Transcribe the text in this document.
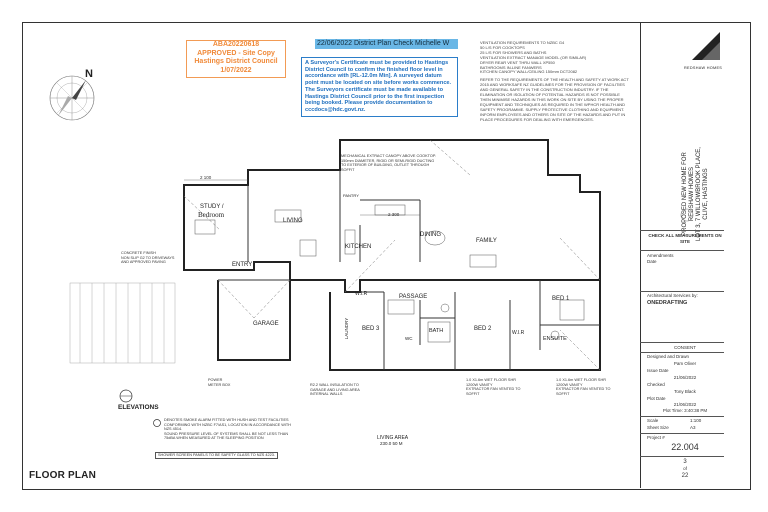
ABA20220618
APPROVED - Site Copy
Hastings District Council
1/07/2022
22/06/2022 District Plan Check Michelle W
A Surveyor's Certificate must be provided to Hastings District Council to confirm the finished floor level in accordance with [RL-12.0m Min]. A surveyed datum point must be located on site before works commence. The Surveyors certificate must be made available to Hastings District Council prior to the first inspection being booked. Please provide documentation to cccdocs@hdc.govt.nz.

VENTILATION REQUIREMENTS TO NZBC G4
50 L/S FOR COOKTOPS
25 L/S FOR SHOWERS AND BATHS
VENTILATION EXTRACT MANAGE MODEL (OR SIMILAR)
DRYER REAR VENT THRU WALL XP550
BATHROOMS IN-LINE FANWERS
KITCHEN CANOPY WALL/CEILING 150mm DCT2082

REFER TO THE REQUIREMENTS OF THE HEALTH AND SAFETY AT WORK ACT 2015 AND WORKSAFE NZ GUIDELINES FOR THE PROVISION OF FACILITIES AND GENERAL SAFETY IN THE CONSTRUCTION INDUSTRY. IF THE ELIMINATION OR ISOLATION OF POTENTIAL HAZARDS IS NOT POSSIBLE THEN MINIMISE HAZARDS IN THIS WORK ON SITE BY USING THE PROPER EQUIPMENT AND TECHNIQUES AS REQUIRED IN THE WPHCR HEALTH AND SAFETY PROGRAMME. SUPPLY PROTECTIVE CLOTHING AND EQUIPMENT. INFORM EMPLOYEES AND OTHERS ON SITE OF THE HAZARDS AND PUT IN PLACE PROCEDURES FOR DEALING WITH EMERGENCIES.

N
STUDY /
Bedroom
LIVING
PANTRY
KITCHEN
DINING
FAMILY
ENTRY
GARAGE
W.I.R	PASSAGE
BED 3	BATH	BED 2
W.I.R
BED 1
ENSUITE
LAUNDRY	WC
2 100
2 300
MECHANICAL EXTRACT CANOPY ABOVE COOKTOP. 150mm DIAMETER, RIGID OR SEMI-RIGID DUCTING TO EXTERIOR OF BUILDING, OUTLET THROUGH SOFFIT
CONCRETE FINISH
NON SLIP G2 TO DRIVEWAYS
AND APPROVED PAVING
POWER
METER BOX	R2.2 WALL INSULATION TO GARAGE AND LIVING AREA INTERNAL WALLS
1.0 X1.6m WET FLOOR SHR
1200W VANITY
EXTRACTOR FAN VENTED TO SOFFIT
1.0 X1.6m WET FLOOR SHR
1200W VANITY
EXTRACTOR FAN VENTED TO SOFFIT
ELEVATIONS
DENOTES SMOKE ALARM FITTED WITH HUSH AND TEST FACILITIES CONFORMING WITH NZBC F7/AS1, LOCATION IN ACCORDANCE WITH NZS 4514.
SOUND PRESSURE LEVEL OF SYSTEMS SHALL BE NOT LESS THAN 75dBA WHEN MEASURED AT THE SLEEPING POSITION
SHOWER SCREEN PANELS TO BE SAFETY GLASS TO NZS 4223.
LIVING AREA
230.0 50 M
FLOOR PLAN
REDSHAW HOMES
PROPOSED NEW HOME FOR REDSHAW HOMES LOT 3, 7 WILLOWBROOK PLACE, CLIVE, HASTINGS
CHECK ALL MEASUREMENTS ON SITE
Amendments
Date
Architectural Services by:
ONEDRAFTING
CONSENT
Designed and Drawn
Pam Oliver
Issue Date
21/06/2022
Checked
Tony Black
Plot Date
21/06/2022
Plot Time: 3:40:38 PM
Scale	1:100
Sheet Size	A3
Project #
22.004
3
of
22
